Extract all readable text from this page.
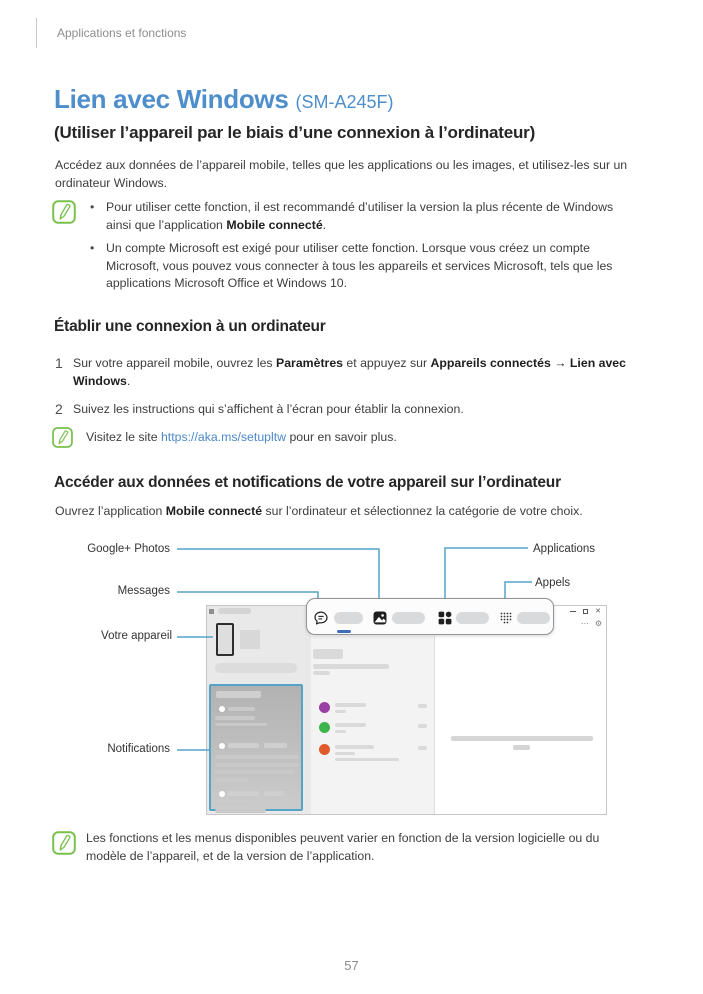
Applications et fonctions
Lien avec Windows (SM-A245F)
(Utiliser l’appareil par le biais d’une connexion à l’ordinateur)

Accédez aux données de l’appareil mobile, telles que les applications ou les images, et utilisez-les sur un ordinateur Windows.

• Pour utiliser cette fonction, il est recommandé d’utiliser la version la plus récente de Windows ainsi que l’application Mobile connecté.
• Un compte Microsoft est exigé pour utiliser cette fonction. Lorsque vous créez un compte Microsoft, vous pouvez vous connecter à tous les appareils et services Microsoft, tels que les applications Microsoft Office et Windows 10.
Établir une connexion à un ordinateur
1 Sur votre appareil mobile, ouvrez les Paramètres et appuyez sur Appareils connectés → Lien avec Windows.

2 Suivez les instructions qui s’affichent à l’écran pour établir la connexion.

Visitez le site https://aka.ms/setupltw pour en savoir plus.

Accéder aux données et notifications de votre appareil sur l’ordinateur

Ouvrez l’application Mobile connecté sur l’ordinateur et sélectionnez la catégorie de votre choix.

Google+ Photos
Messages
Votre appareil
Notifications
Applications
Appels
✕
⋯ ⚙

Les fonctions et les menus disponibles peuvent varier en fonction de la version logicielle ou du modèle de l’appareil, et de la version de l’application.

57
